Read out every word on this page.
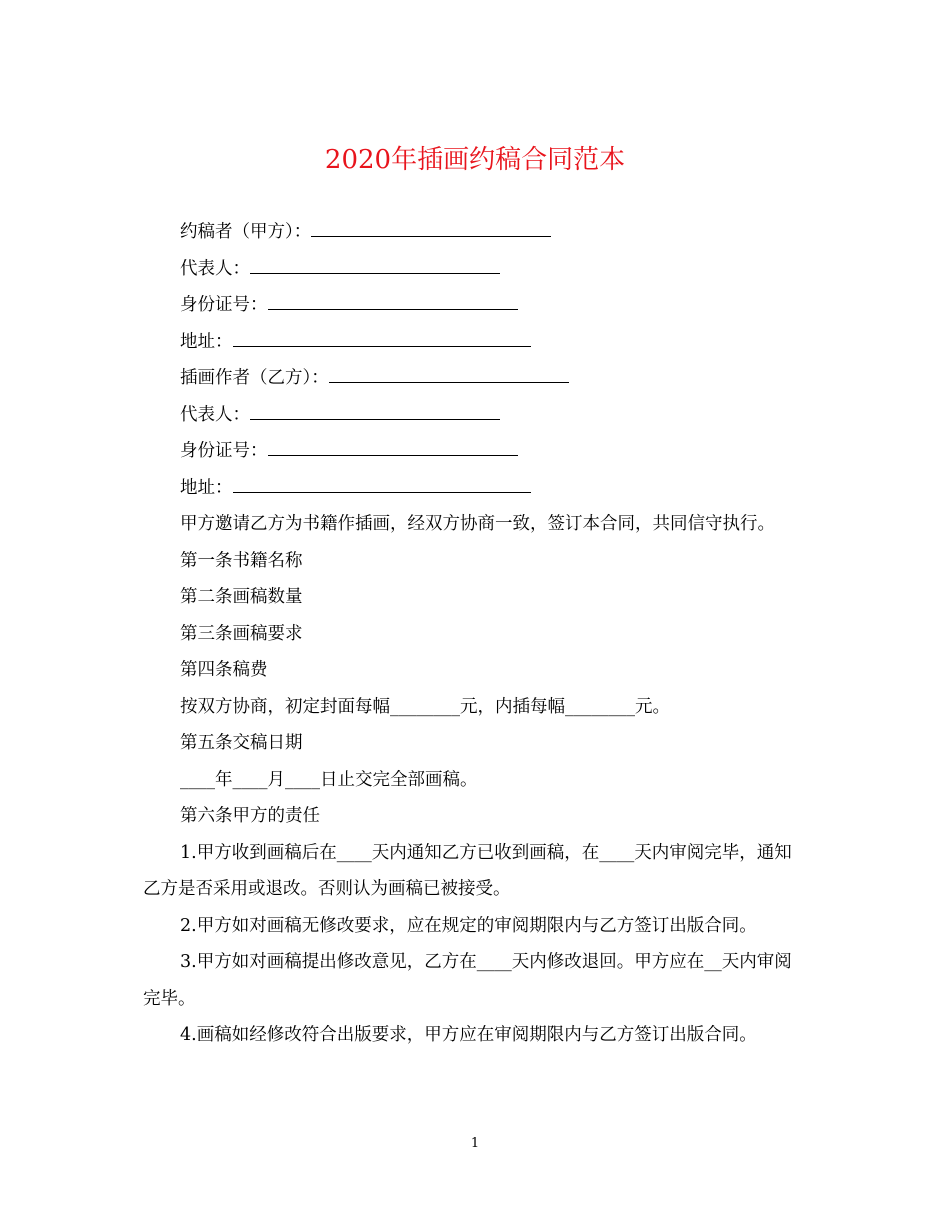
2020年插画约稿合同范本

约稿者（甲方）：

代表人：

身份证号：

地址：

插画作者（乙方）：

代表人：

身份证号：

地址：

甲方邀请乙方为书籍作插画，经双方协商一致，签订本合同，共同信守执行。

第一条书籍名称

第二条画稿数量

第三条画稿要求

第四条稿费

按双方协商，初定封面每幅________元，内插每幅________元。

第五条交稿日期

____年____月____日止交完全部画稿。

第六条甲方的责任

1.甲方收到画稿后在____天内通知乙方已收到画稿，在____天内审阅完毕，通知乙方是否采用或退改。否则认为画稿已被接受。

2.甲方如对画稿无修改要求，应在规定的审阅期限内与乙方签订出版合同。

3.甲方如对画稿提出修改意见，乙方在____天内修改退回。甲方应在__天内审阅完毕。

4.画稿如经修改符合出版要求，甲方应在审阅期限内与乙方签订出版合同。

1
